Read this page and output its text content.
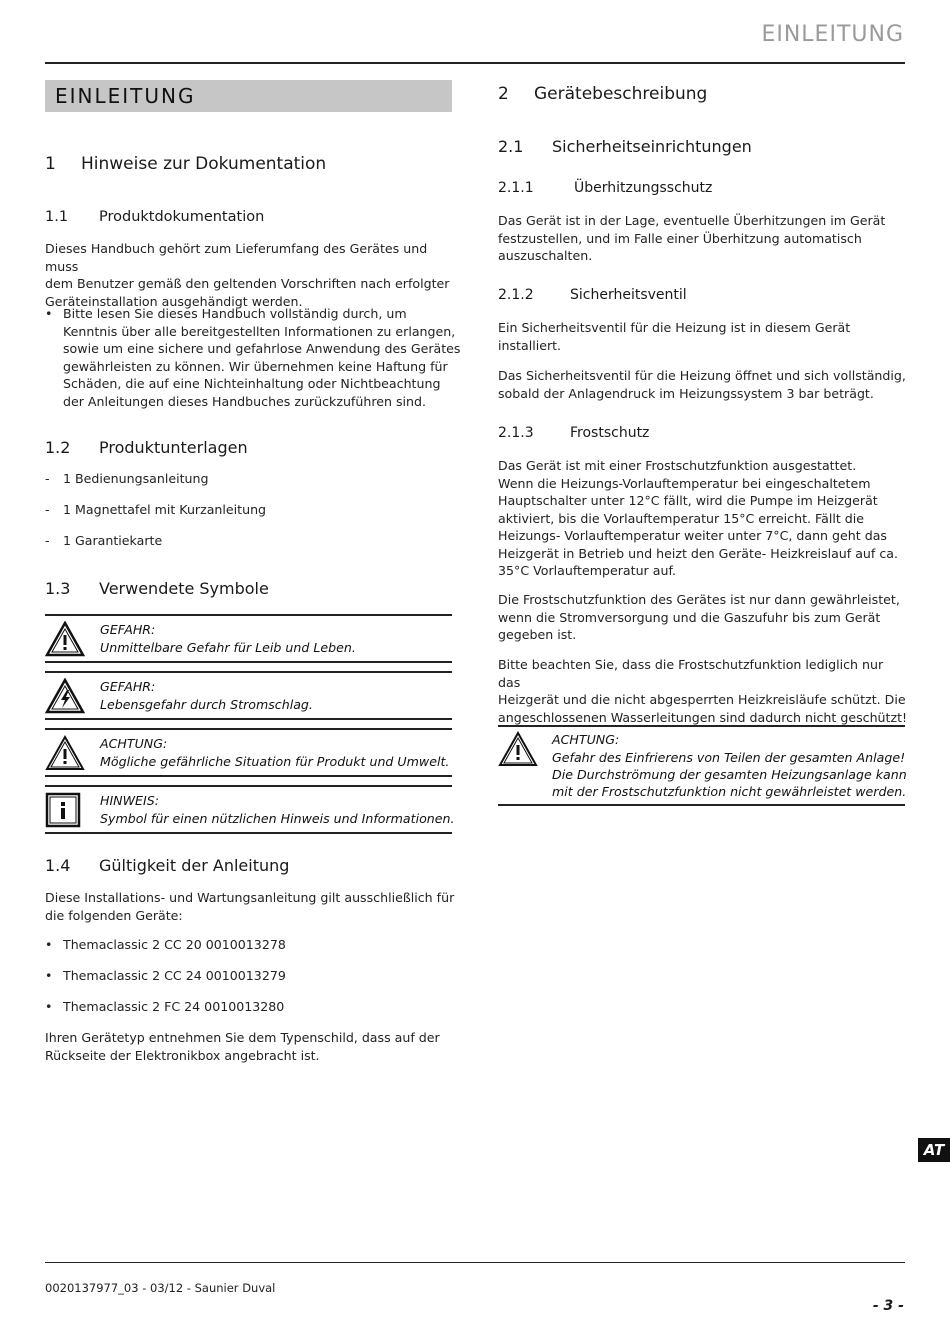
EINLEITUNG
EINLEITUNG
1 Hinweise zur Dokumentation
1.1 Produktdokumentation
Dieses Handbuch gehört zum Lieferumfang des Gerätes und muss
dem Benutzer gemäß den geltenden Vorschriften nach erfolgter
Geräteinstallation ausgehändigt werden.
• Bitte lesen Sie dieses Handbuch vollständig durch, um
Kenntnis über alle bereitgestellten Informationen zu erlangen,
sowie um eine sichere und gefahrlose Anwendung des Gerätes
gewährleisten zu können. Wir übernehmen keine Haftung für
Schäden, die auf eine Nichteinhaltung oder Nichtbeachtung
der Anleitungen dieses Handbuches zurückzuführen sind.
1.2 Produktunterlagen
- 1 Bedienungsanleitung
- 1 Magnettafel mit Kurzanleitung
- 1 Garantiekarte
1.3 Verwendete Symbole
GEFAHR:
Unmittelbare Gefahr für Leib und Leben.
GEFAHR:
Lebensgefahr durch Stromschlag.
ACHTUNG:
Mögliche gefährliche Situation für Produkt und Umwelt.
HINWEIS:
Symbol für einen nützlichen Hinweis und Informationen.
1.4 Gültigkeit der Anleitung
Diese Installations- und Wartungsanleitung gilt ausschließlich für
die folgenden Geräte:
• Themaclassic 2 CC 20 0010013278
• Themaclassic 2 CC 24 0010013279
• Themaclassic 2 FC 24 0010013280
Ihren Gerätetyp entnehmen Sie dem Typenschild, dass auf der
Rückseite der Elektronikbox angebracht ist.
2 Gerätebeschreibung
2.1 Sicherheitseinrichtungen
2.1.1	Überhitzungsschutz
Das Gerät ist in der Lage, eventuelle Überhitzungen im Gerät
festzustellen, und im Falle einer Überhitzung automatisch
auszuschalten.
2.1.2	Sicherheitsventil
Ein Sicherheitsventil für die Heizung ist in diesem Gerät
installiert.
Das Sicherheitsventil für die Heizung öffnet und sich vollständig,
sobald der Anlagendruck im Heizungssystem 3 bar beträgt.
2.1.3	Frostschutz
Das Gerät ist mit einer Frostschutzfunktion ausgestattet.
Wenn die Heizungs-Vorlauftemperatur bei eingeschaltetem
Hauptschalter unter 12°C fällt, wird die Pumpe im Heizgerät
aktiviert, bis die Vorlauftemperatur 15°C erreicht. Fällt die
Heizungs- Vorlauftemperatur weiter unter 7°C, dann geht das
Heizgerät in Betrieb und heizt den Geräte- Heizkreislauf auf ca.
35°C Vorlauftemperatur auf.
Die Frostschutzfunktion des Gerätes ist nur dann gewährleistet,
wenn die Stromversorgung und die Gaszufuhr bis zum Gerät
gegeben ist.
Bitte beachten Sie, dass die Frostschutzfunktion lediglich nur das
Heizgerät und die nicht abgesperrten Heizkreisläufe schützt. Die
angeschlossenen Wasserleitungen sind dadurch nicht geschützt!
ACHTUNG:
Gefahr des Einfrierens von Teilen der gesamten Anlage!
Die Durchströmung der gesamten Heizungsanlage kann
mit der Frostschutzfunktion nicht gewährleistet werden.
AT
0020137977_03 - 03/12 - Saunier Duval
- 3 -
